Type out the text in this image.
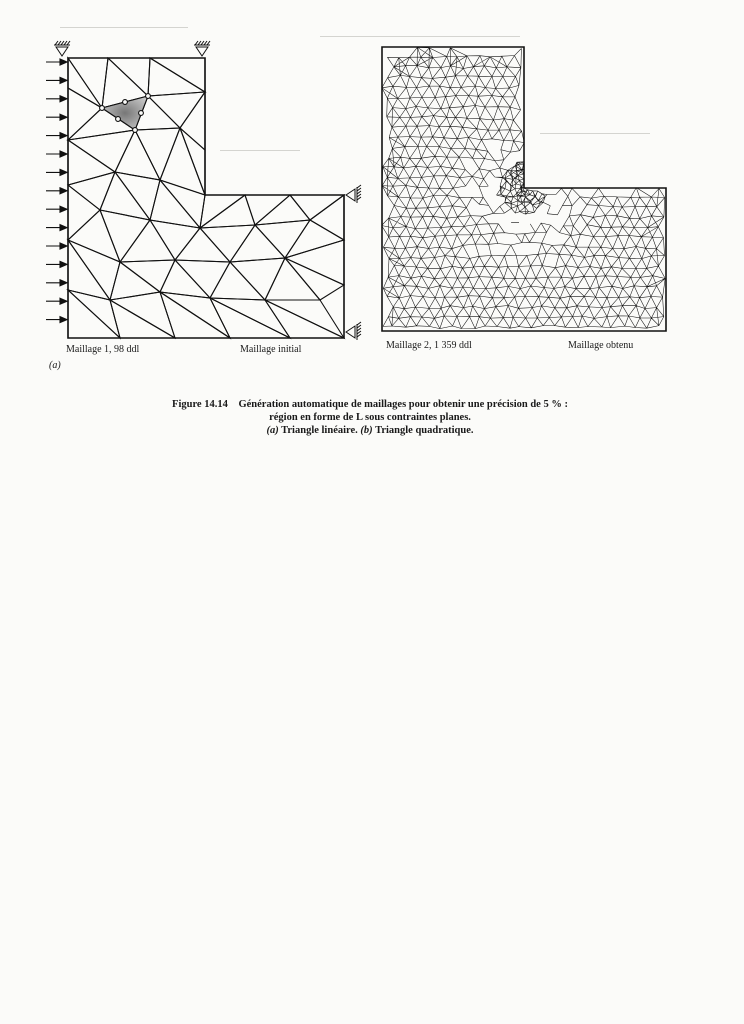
Maillage 1, 98 ddl	Maillage initial
(a)
Maillage 2, 1 359 ddl	Maillage obtenu
Figure 14.14 Génération automatique de maillages pour obtenir une précision de 5 % :
région en forme de L sous contraintes planes.
(a) Triangle linéaire. (b) Triangle quadratique.
